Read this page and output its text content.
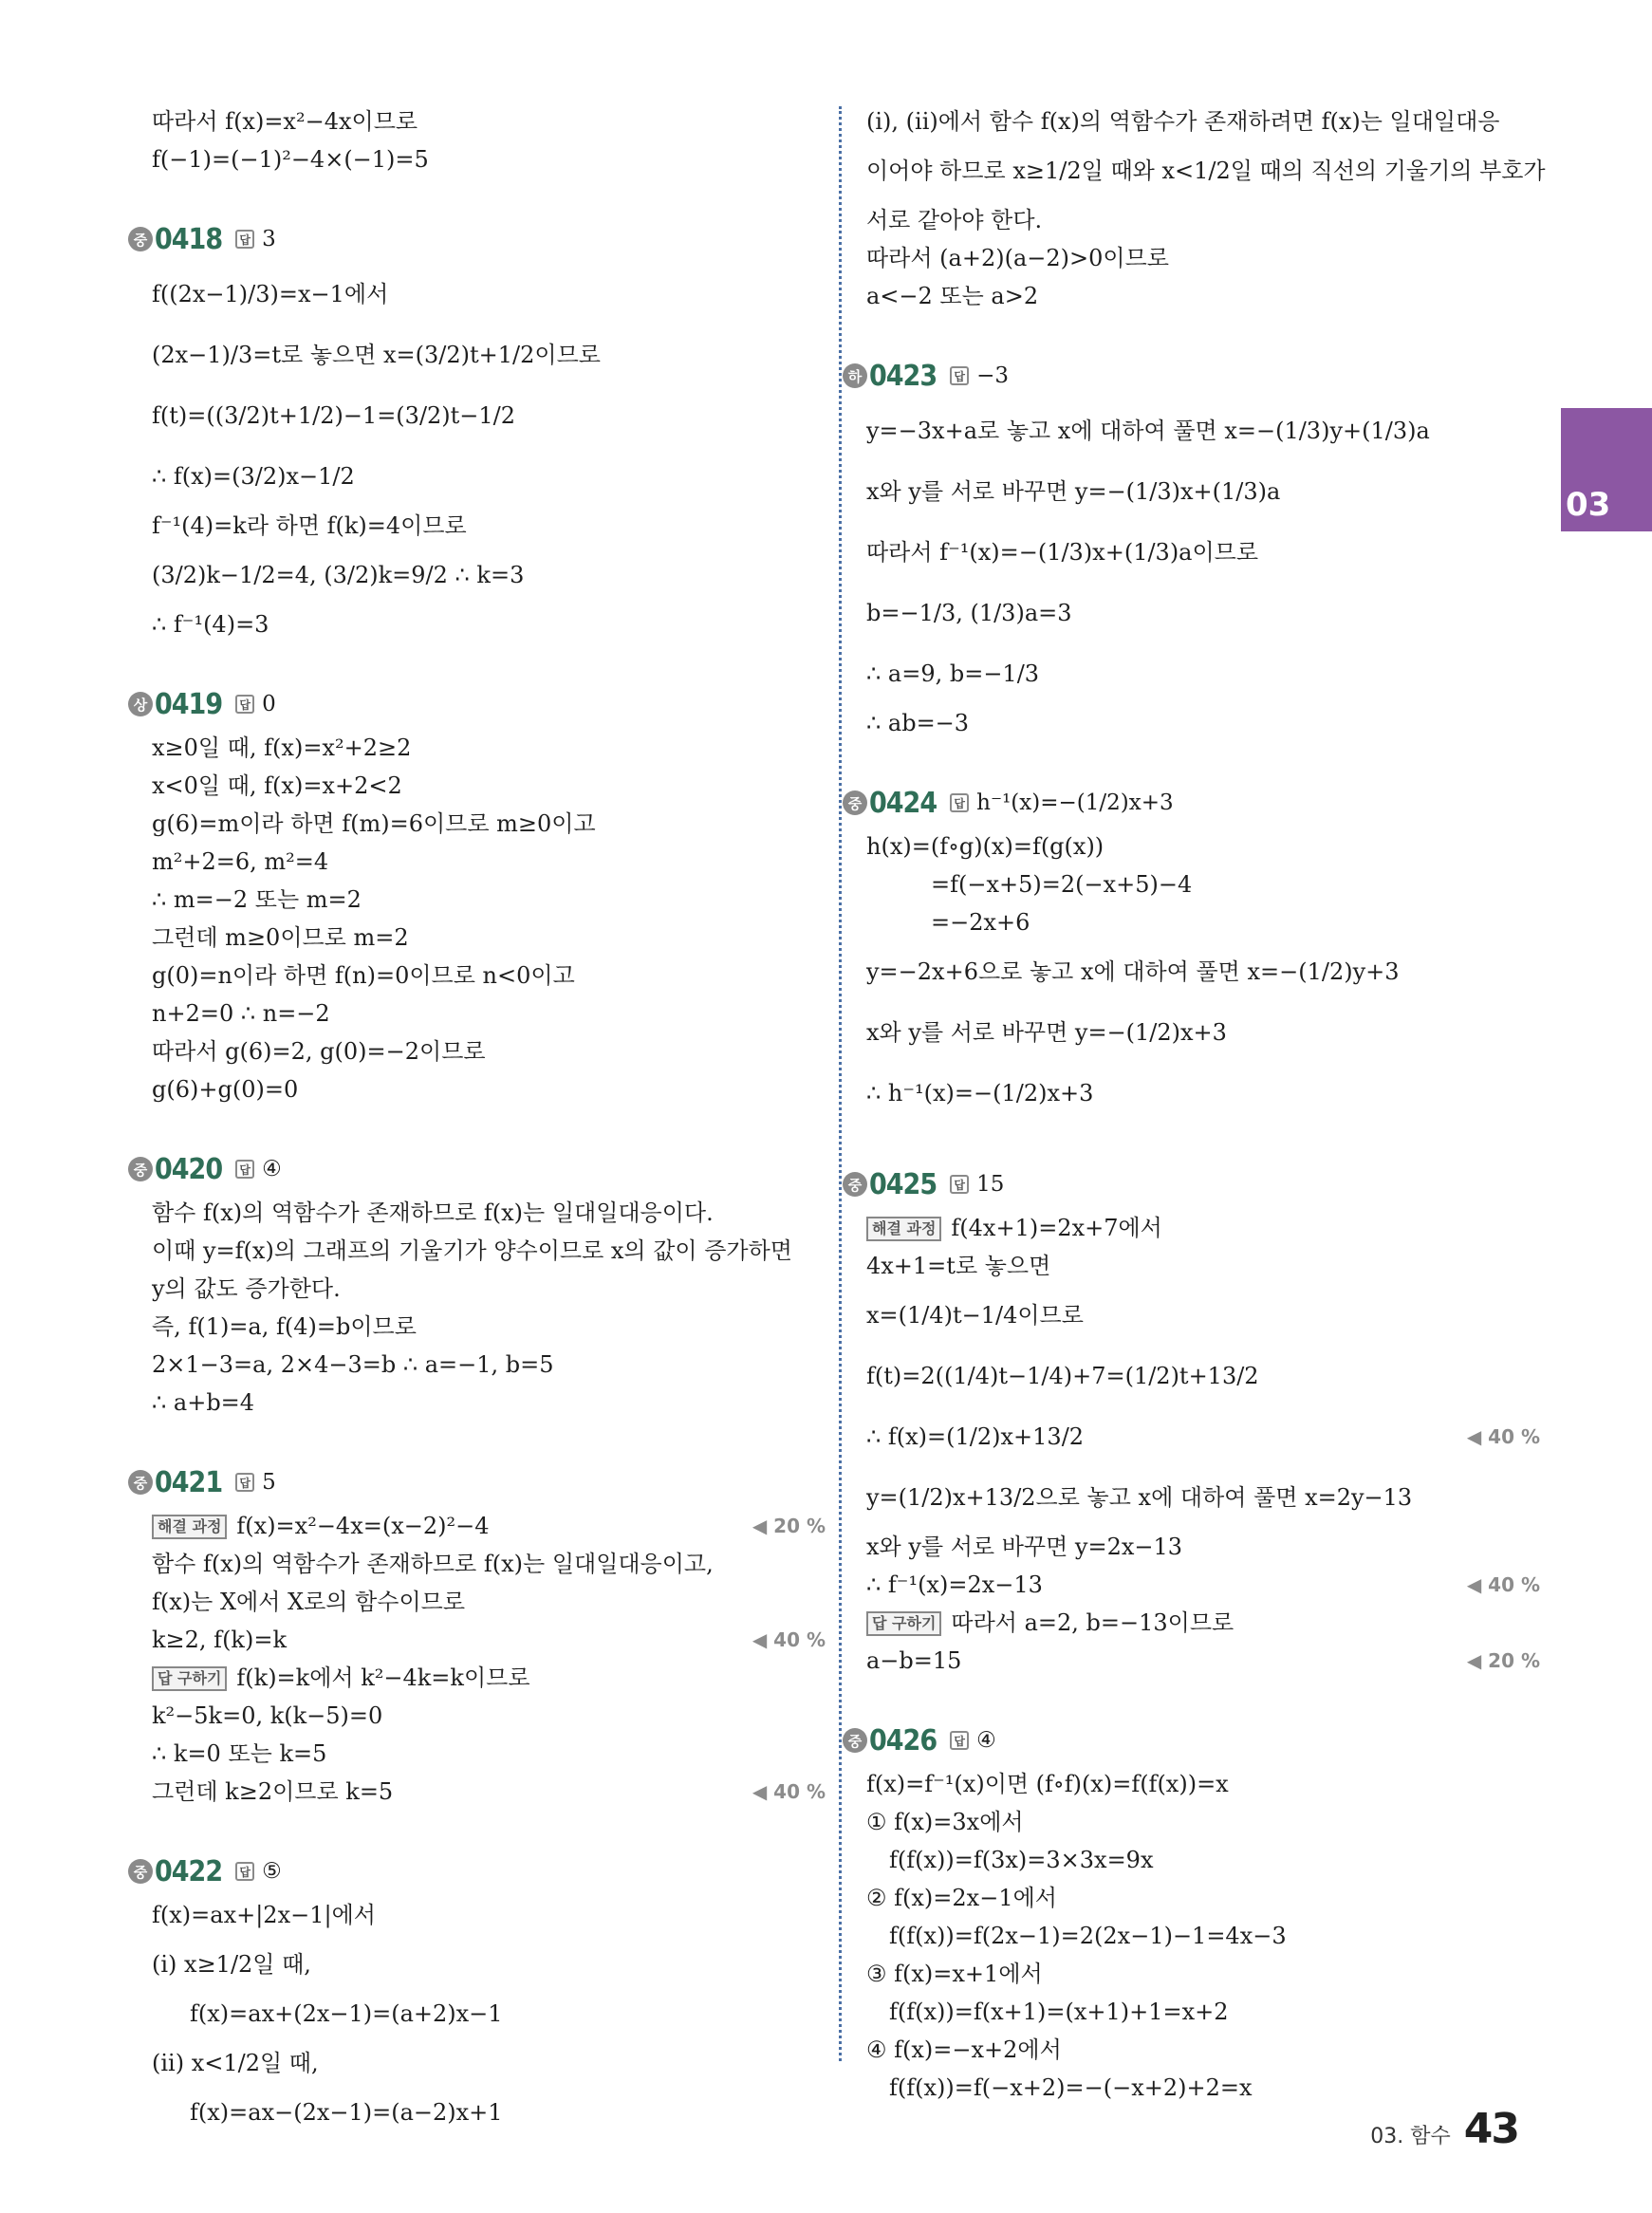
따라서 f(x)=x²−4x이므로
f(−1)=(−1)²−4×(−1)=5
중 0418	답 3
f((2x−1)/3)=x−1에서
(2x−1)/3=t로 놓으면 x=(3/2)t+1/2이므로
f(t)=((3/2)t+1/2)−1=(3/2)t−1/2
∴ f(x)=(3/2)x−1/2
f⁻¹(4)=k라 하면 f(k)=4이므로
(3/2)k−1/2=4, (3/2)k=9/2 ∴ k=3
∴ f⁻¹(4)=3
상 0419	답 0
x≥0일 때, f(x)=x²+2≥2
x<0일 때, f(x)=x+2<2
g(6)=m이라 하면 f(m)=6이므로 m≥0이고
m²+2=6, m²=4
∴ m=−2 또는 m=2
그런데 m≥0이므로 m=2
g(0)=n이라 하면 f(n)=0이므로 n<0이고
n+2=0 ∴ n=−2
따라서 g(6)=2, g(0)=−2이므로
g(6)+g(0)=0
중 0420	답 ④
함수 f(x)의 역함수가 존재하므로 f(x)는 일대일대응이다.
이때 y=f(x)의 그래프의 기울기가 양수이므로 x의 값이 증가하면
y의 값도 증가한다.
즉, f(1)=a, f(4)=b이므로
2×1−3=a, 2×4−3=b ∴ a=−1, b=5
∴ a+b=4
중 0421	답 5
해결 과정 f(x)=x²−4x=(x−2)²−4	◀ 20 %
함수 f(x)의 역함수가 존재하므로 f(x)는 일대일대응이고,
f(x)는 X에서 X로의 함수이므로
k≥2, f(k)=k	◀ 40 %
답 구하기 f(k)=k에서 k²−4k=k이므로
k²−5k=0, k(k−5)=0
∴ k=0 또는 k=5
그런데 k≥2이므로 k=5	◀ 40 %
중 0422	답 ⑤
f(x)=ax+|2x−1|에서
(i) x≥1/2일 때,
f(x)=ax+(2x−1)=(a+2)x−1
(ii) x<1/2일 때,
f(x)=ax−(2x−1)=(a−2)x+1
(i), (ii)에서 함수 f(x)의 역함수가 존재하려면 f(x)는 일대일대응
이어야 하므로 x≥1/2일 때와 x<1/2일 때의 직선의 기울기의 부호가
서로 같아야 한다.
따라서 (a+2)(a−2)>0이므로
a<−2 또는 a>2
하 0423	답 −3
y=−3x+a로 놓고 x에 대하여 풀면 x=−(1/3)y+(1/3)a
x와 y를 서로 바꾸면 y=−(1/3)x+(1/3)a
따라서 f⁻¹(x)=−(1/3)x+(1/3)a이므로
b=−1/3, (1/3)a=3
∴ a=9, b=−1/3
∴ ab=−3
중 0424	답 h⁻¹(x)=−(1/2)x+3
h(x)=(f∘g)(x)=f(g(x))
=f(−x+5)=2(−x+5)−4
=−2x+6
y=−2x+6으로 놓고 x에 대하여 풀면 x=−(1/2)y+3
x와 y를 서로 바꾸면 y=−(1/2)x+3
∴ h⁻¹(x)=−(1/2)x+3
중 0425	답 15
해결 과정 f(4x+1)=2x+7에서
4x+1=t로 놓으면
x=(1/4)t−1/4이므로
f(t)=2((1/4)t−1/4)+7=(1/2)t+13/2
∴ f(x)=(1/2)x+13/2	◀ 40 %
y=(1/2)x+13/2으로 놓고 x에 대하여 풀면 x=2y−13
x와 y를 서로 바꾸면 y=2x−13
∴ f⁻¹(x)=2x−13	◀ 40 %
답 구하기 따라서 a=2, b=−13이므로
a−b=15	◀ 20 %
중 0426	답 ④
f(x)=f⁻¹(x)이면 (f∘f)(x)=f(f(x))=x
① f(x)=3x에서
f(f(x))=f(3x)=3×3x=9x
② f(x)=2x−1에서
f(f(x))=f(2x−1)=2(2x−1)−1=4x−3
③ f(x)=x+1에서
f(f(x))=f(x+1)=(x+1)+1=x+2
④ f(x)=−x+2에서
f(f(x))=f(−x+2)=−(−x+2)+2=x
03
03. 함수 43
